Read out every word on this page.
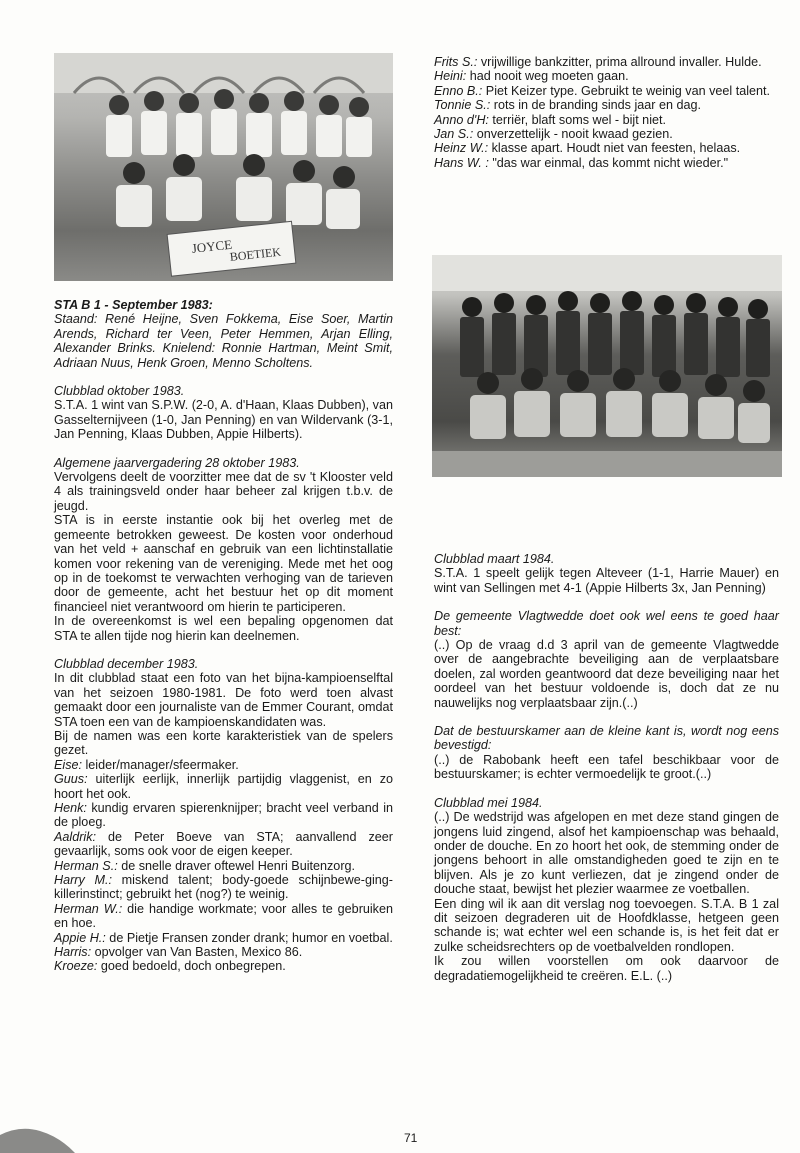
JOYCE
BOETIEK

STA B 1 - September 1983:

Staand: René Heijne, Sven Fokkema, Eise Soer, Martin Arends, Richard ter Veen, Peter Hemmen, Arjan Elling, Alexander Brinks. Knielend: Ronnie Hartman, Meint Smit, Adriaan Nuus, Henk Groen, Menno Scholtens.

Clubblad oktober 1983.

S.T.A. 1 wint van S.P.W. (2-0, A. d'Haan, Klaas Dubben), van Gasselternijveen (1-0, Jan Penning) en van Wildervank (3-1, Jan Penning, Klaas Dubben, Appie Hilberts).

Algemene jaarvergadering 28 oktober 1983.

Vervolgens deelt de voorzitter mee dat de sv 't Klooster veld 4 als trainingsveld onder haar beheer zal krijgen t.b.v. de jeugd.

STA is in eerste instantie ook bij het overleg met de gemeente betrokken geweest. De kosten voor onderhoud van het veld + aanschaf en gebruik van een lichtinstallatie komen voor rekening van de vereniging. Mede met het oog op in de toekomst te verwachten verhoging van de tarieven door de gemeente, acht het bestuur het op dit moment financieel niet verantwoord om hierin te participeren.

In de overeenkomst is wel een bepaling opgenomen dat STA te allen tijde nog hierin kan deelnemen.

Clubblad december 1983.

In dit clubblad staat een foto van het bijna-kampioenselftal van het seizoen 1980-1981. De foto werd toen alvast gemaakt door een journaliste van de Emmer Courant, omdat STA toen een van de kampioenskandidaten was.

Bij de namen was een korte karakteristiek van de spelers gezet.

Eise: leider/manager/sfeermaker.

Guus: uiterlijk eerlijk, innerlijk partijdig vlaggenist, en zo hoort het ook.

Henk: kundig ervaren spierenknijper; bracht veel verband in de ploeg.

Aaldrik: de Peter Boeve van STA; aanvallend zeer gevaarlijk, soms ook voor de eigen keeper.

Herman S.: de snelle draver oftewel Henri Buitenzorg.

Harry M.: miskend talent; body-goede schijnbewe-ging-killerinstinct; gebruikt het (nog?) te weinig.

Herman W.: die handige workmate; voor alles te gebruiken en hoe.

Appie H.: de Pietje Fransen zonder drank; humor en voetbal.

Harris: opvolger van Van Basten, Mexico 86.

Kroeze: goed bedoeld, doch onbegrepen.

Frits S.: vrijwillige bankzitter, prima allround invaller. Hulde.

Heini: had nooit weg moeten gaan.

Enno B.: Piet Keizer type. Gebruikt te weinig van veel talent.

Tonnie S.: rots in de branding sinds jaar en dag.

Anno d'H: terriër, blaft soms wel - bijt niet.

Jan S.: onverzettelijk - nooit kwaad gezien.

Heinz W.: klasse apart. Houdt niet van feesten, helaas.

Hans W. : "das war einmal, das kommt nicht wieder."

Clubblad maart 1984.

S.T.A. 1 speelt gelijk tegen Alteveer (1-1, Harrie Mauer) en wint van Sellingen met 4-1 (Appie Hilberts 3x, Jan Penning)

De gemeente Vlagtwedde doet ook wel eens te goed haar best:

(..) Op de vraag d.d 3 april van de gemeente Vlagtwedde over de aangebrachte beveiliging aan de verplaatsbare doelen, zal worden geantwoord dat deze beveiliging naar het oordeel van het bestuur voldoende is, doch dat ze nu nauwelijks nog verplaatsbaar zijn.(..)

Dat de bestuurskamer aan de kleine kant is, wordt nog eens bevestigd:

(..) de Rabobank heeft een tafel beschikbaar voor de bestuurskamer; is echter vermoedelijk te groot.(..)

Clubblad mei 1984.

(..) De wedstrijd was afgelopen en met deze stand gingen de jongens luid zingend, alsof het kampioenschap was behaald, onder de douche. En zo hoort het ook, de stemming onder de jongens behoort in alle omstandigheden goed te zijn en te blijven. Als je zo kunt verliezen, dat je zingend onder de douche staat, bewijst het plezier waarmee ze voetballen.

Een ding wil ik aan dit verslag nog toevoegen. S.T.A. B 1 zal dit seizoen degraderen uit de Hoofdklasse, hetgeen geen schande is; wat echter wel een schande is, is het feit dat er zulke scheidsrechters op de voetbalvelden rondlopen.

Ik zou willen voorstellen om ook daarvoor de degradatiemogelijkheid te creëren. E.L. (..)

71
